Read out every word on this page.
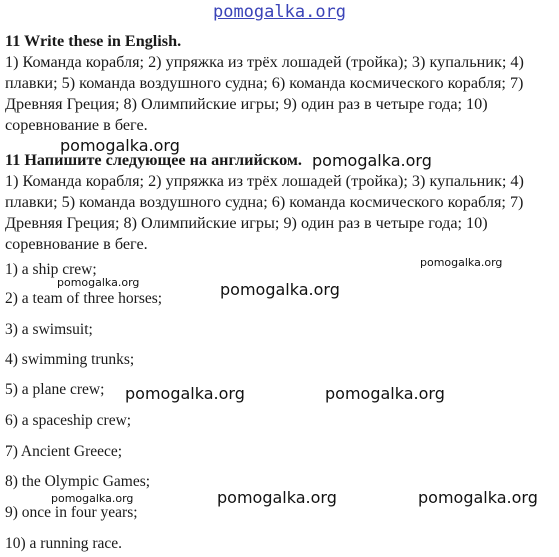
pomogalka.org
11 Write these in English.
1) Команда корабля; 2) упряжка из трёх лошадей (тройка); 3) купальник; 4) плавки; 5) команда воздушного судна; 6) команда космического корабля; 7) Древняя Греция; 8) Олимпийские игры; 9) один раз в четыре года; 10) соревнование в беге.
11 Напишите следующее на английском.
1) Команда корабля; 2) упряжка из трёх лошадей (тройка); 3) купальник; 4) плавки; 5) команда воздушного судна; 6) команда космического корабля; 7) Древняя Греция; 8) Олимпийские игры; 9) один раз в четыре года; 10) соревнование в беге.
1) a ship crew;
2) a team of three horses;
3) a swimsuit;
4) swimming trunks;
5) a plane crew;
6) a spaceship crew;
7) Ancient Greece;
8) the Olympic Games;
9) once in four years;
10) a running race.
pomogalka.org
pomogalka.org
pomogalka.org
pomogalka.org	pomogalka.org
pomogalka.org	pomogalka.org
pomogalka.org	pomogalka.org	pomogalka.org
